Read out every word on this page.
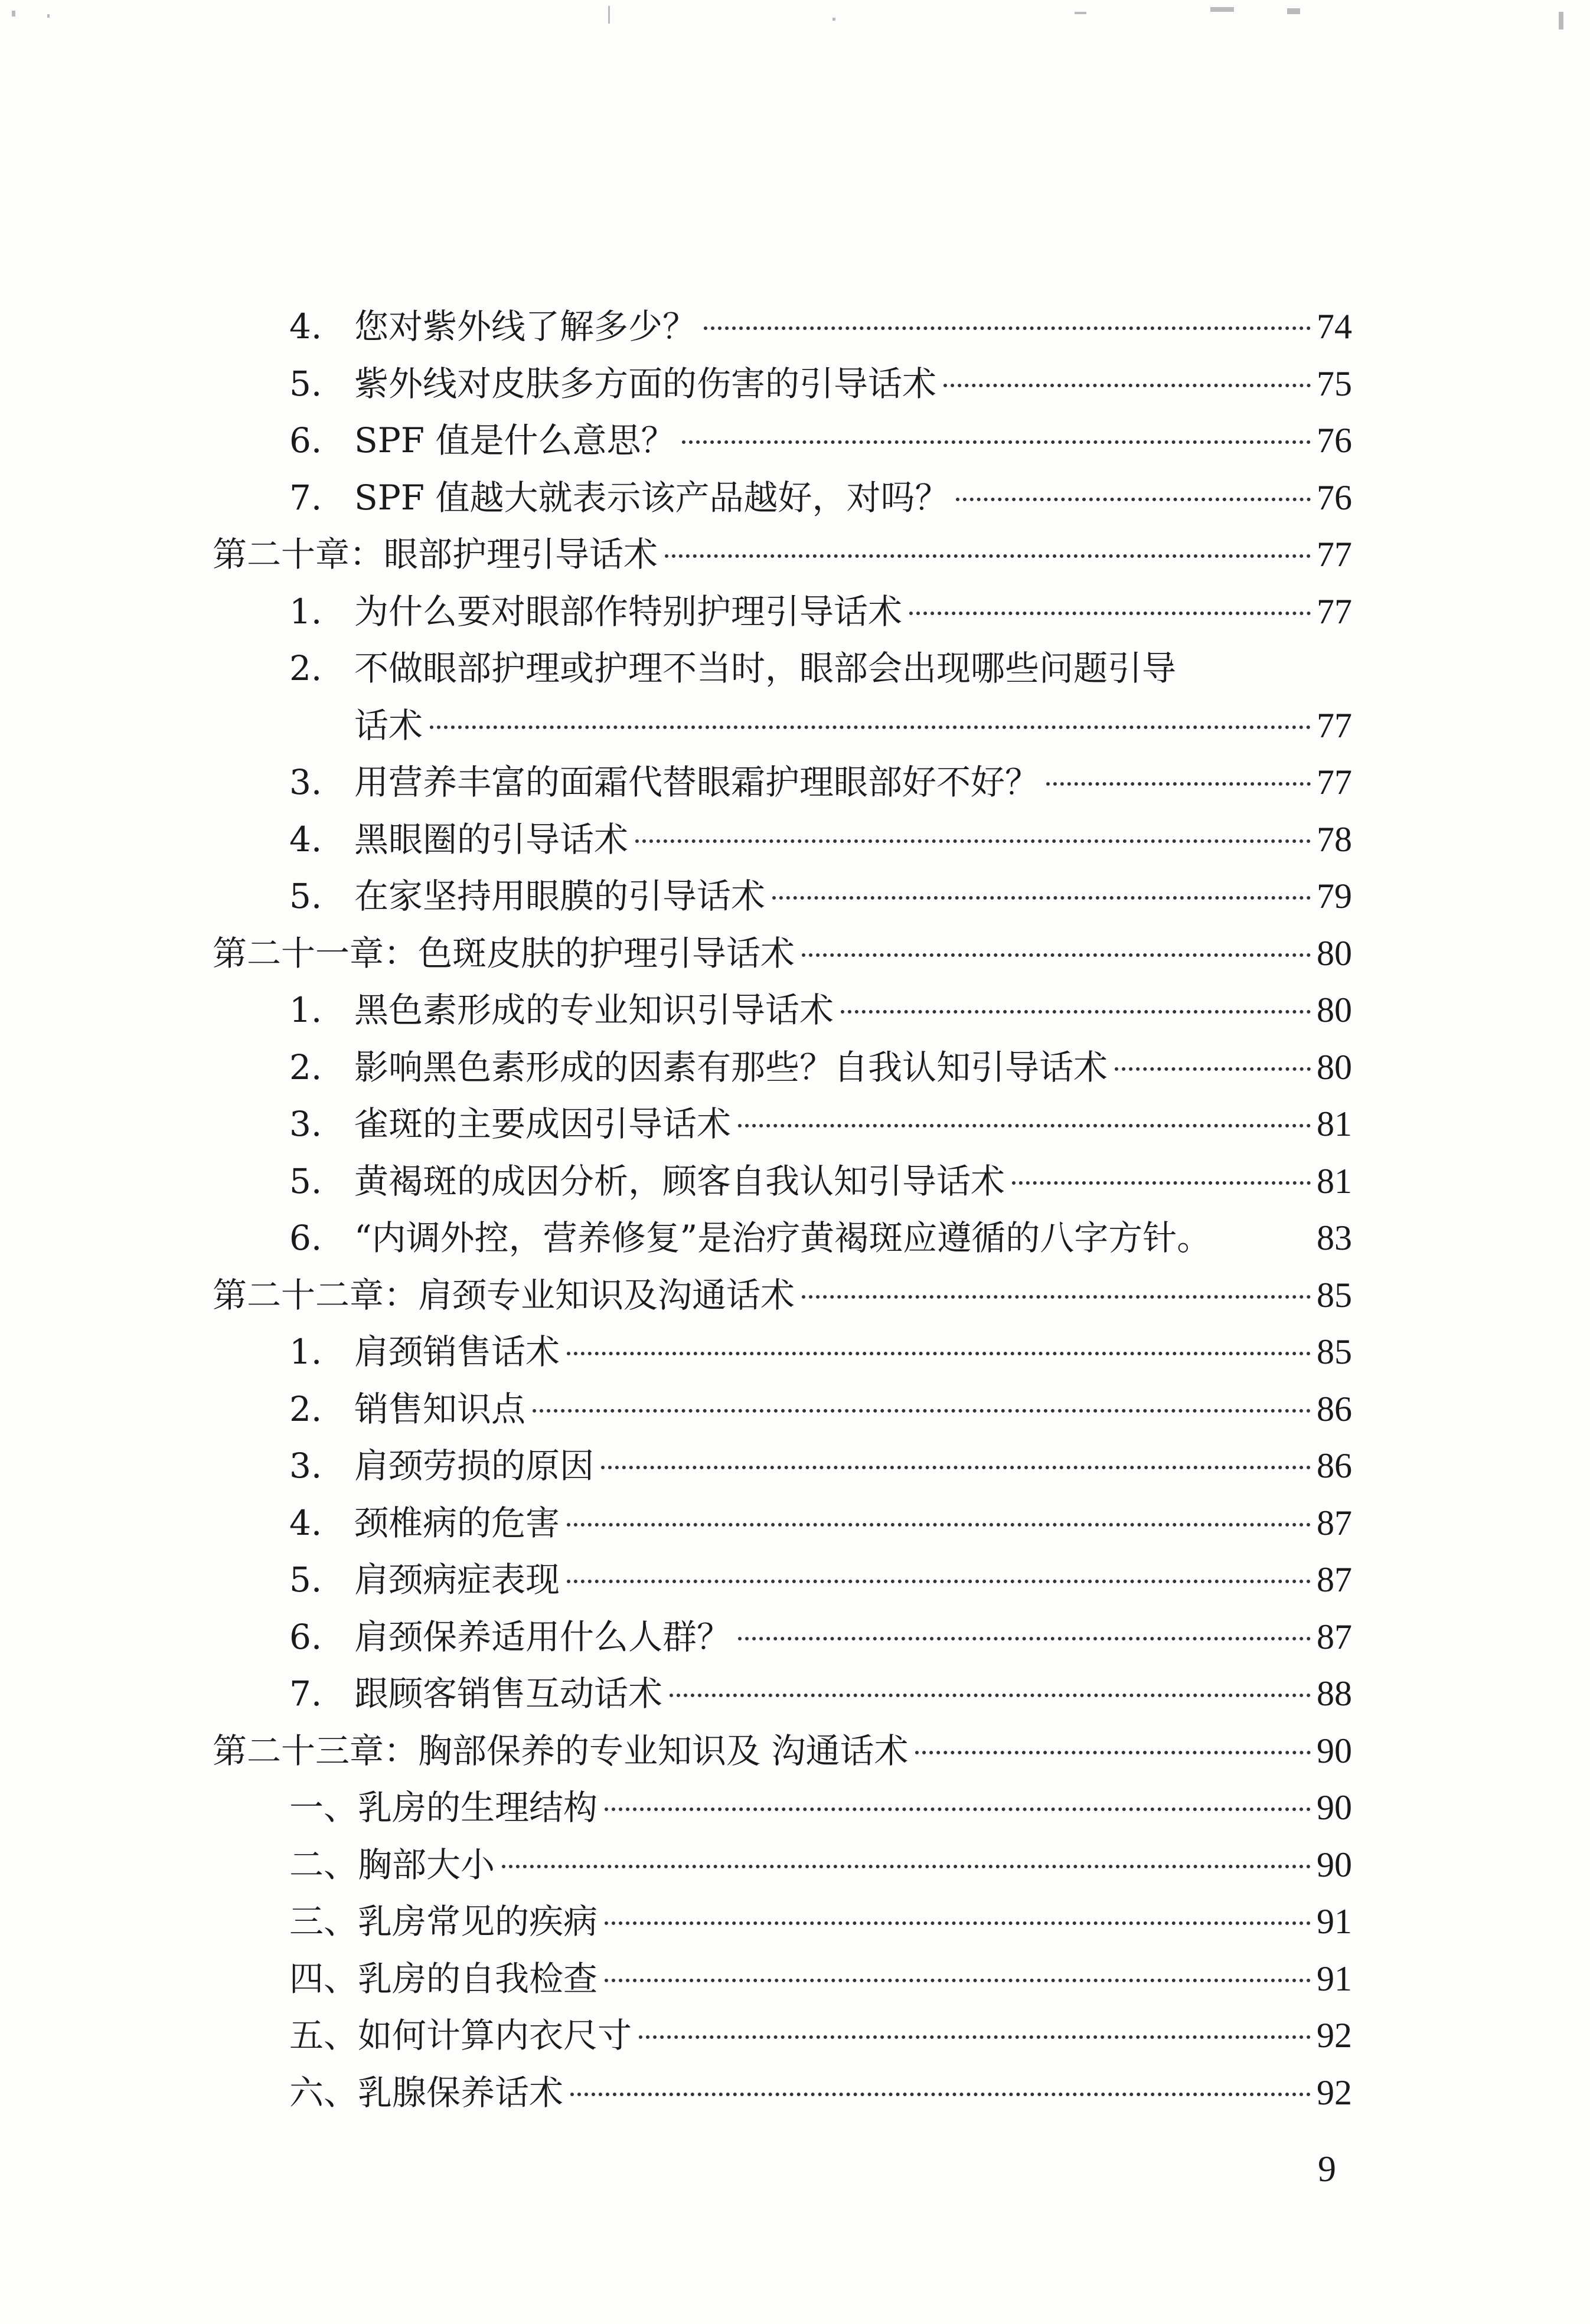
4. 您对紫外线了解多少？	74
5. 紫外线对皮肤多方面的伤害的引导话术	75
6. SPF 值是什么意思？	76
7. SPF 值越大就表示该产品越好，对吗？	76
第二十章：眼部护理引导话术	77
1. 为什么要对眼部作特别护理引导话术	77
2. 不做眼部护理或护理不当时，眼部会出现哪些问题引导
话术	77
3. 用营养丰富的面霜代替眼霜护理眼部好不好？	77
4. 黑眼圈的引导话术	78
5. 在家坚持用眼膜的引导话术	79
第二十一章：色斑皮肤的护理引导话术	80
1. 黑色素形成的专业知识引导话术	80
2. 影响黑色素形成的因素有那些？自我认知引导话术	80
3. 雀斑的主要成因引导话术	81
5. 黄褐斑的成因分析，顾客自我认知引导话术	81
6. “内调外控，营养修复”是治疗黄褐斑应遵循的八字方针。	83
第二十二章：肩颈专业知识及沟通话术	85
1. 肩颈销售话术	85
2. 销售知识点	86
3. 肩颈劳损的原因	86
4. 颈椎病的危害	87
5. 肩颈病症表现	87
6. 肩颈保养适用什么人群？	87
7. 跟顾客销售互动话术	88
第二十三章：胸部保养的专业知识及 沟通话术	90
一、乳房的生理结构	90
二、胸部大小	90
三、乳房常见的疾病	91
四、乳房的自我检查	91
五、如何计算内衣尺寸	92
六、乳腺保养话术	92
9
